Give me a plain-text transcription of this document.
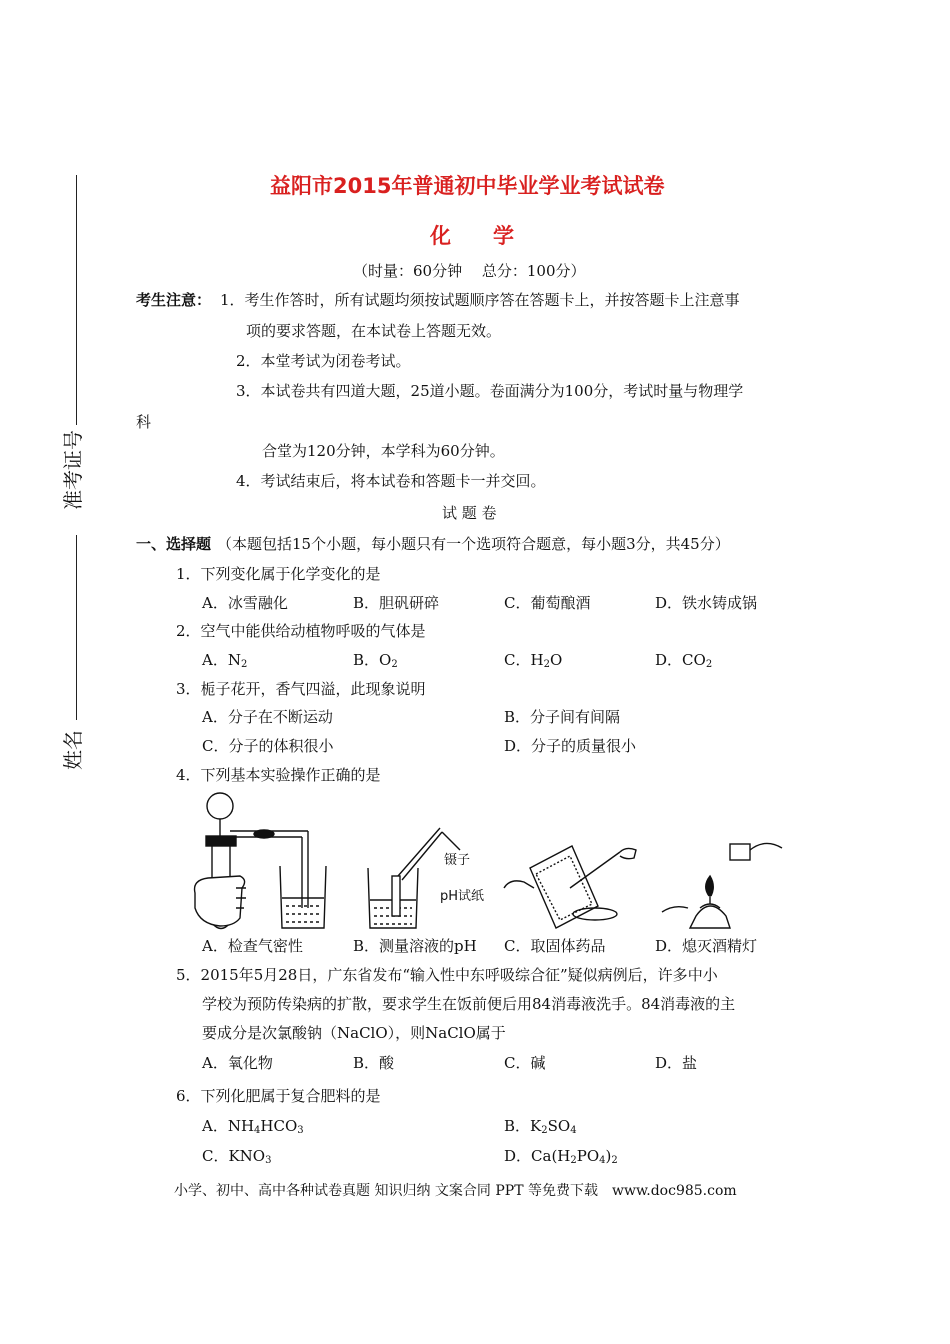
准考证号
姓名
益阳市2015年普通初中毕业学业考试试卷
化　　学
（时量：60分钟　 总分：100分）
考生注意： 1．考生作答时，所有试题均须按试题顺序答在答题卡上，并按答题卡上注意事
项的要求答题，在本试卷上答题无效。
2．本堂考试为闭卷考试。
3．本试卷共有四道大题，25道小题。卷面满分为100分，考试时量与物理学
科
合堂为120分钟，本学科为60分钟。
4．考试结束后，将本试卷和答题卡一并交回。
试 题 卷
一、选择题 （本题包括15个小题，每小题只有一个选项符合题意，每小题3分，共45分）
1．下列变化属于化学变化的是
A．冰雪融化	B．胆矾研碎	C．葡萄酿酒	D．铁水铸成锅
2．空气中能供给动植物呼吸的气体是
A．$N_2$	B．$O_2$	C．$H_2O$	D．$CO_2$
3．栀子花开，香气四溢，此现象说明
A．分子在不断运动	B．分子间有间隔
C．分子的体积很小	D．分子的质量很小
4．下列基本实验操作正确的是
镊子
pH试纸
A．检查气密性	B．测量溶液的pH C．取固体药品	D．熄灭酒精灯
5．2015年5月28日，广东省发布“输入性中东呼吸综合征”疑似病例后，许多中小
学校为预防传染病的扩散，要求学生在饭前便后用84消毒液洗手。84消毒液的主
要成分是次氯酸钠（NaClO），则NaClO属于
A．氧化物	B．酸	C．碱	D．盐
6．下列化肥属于复合肥料的是
A．$NH_4HCO_3$	B．$K_2SO_4$
C．$KNO_3$	D．$Ca(H_2PO_4)_2$
小学、初中、高中各种试卷真题 知识归纳 文案合同 PPT 等免费下载　www.doc985.com
